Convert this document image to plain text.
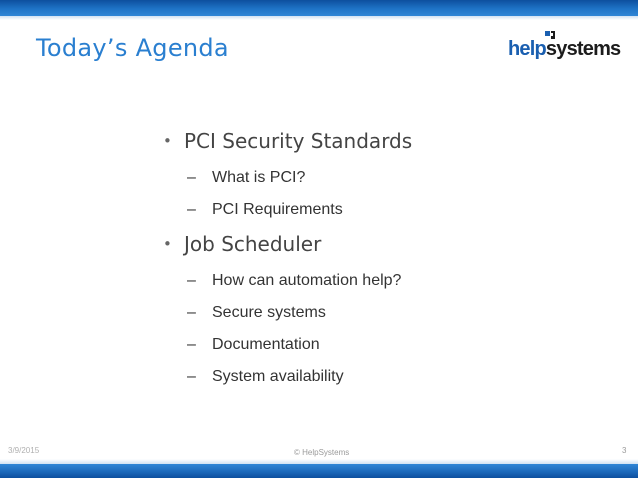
Today’s Agenda	helpsystems
• PCI Security Standards
– What is PCI?
– PCI Requirements
• Job Scheduler
– How can automation help?
– Secure systems
– Documentation
– System availability
3/9/2015	© HelpSystems	3
